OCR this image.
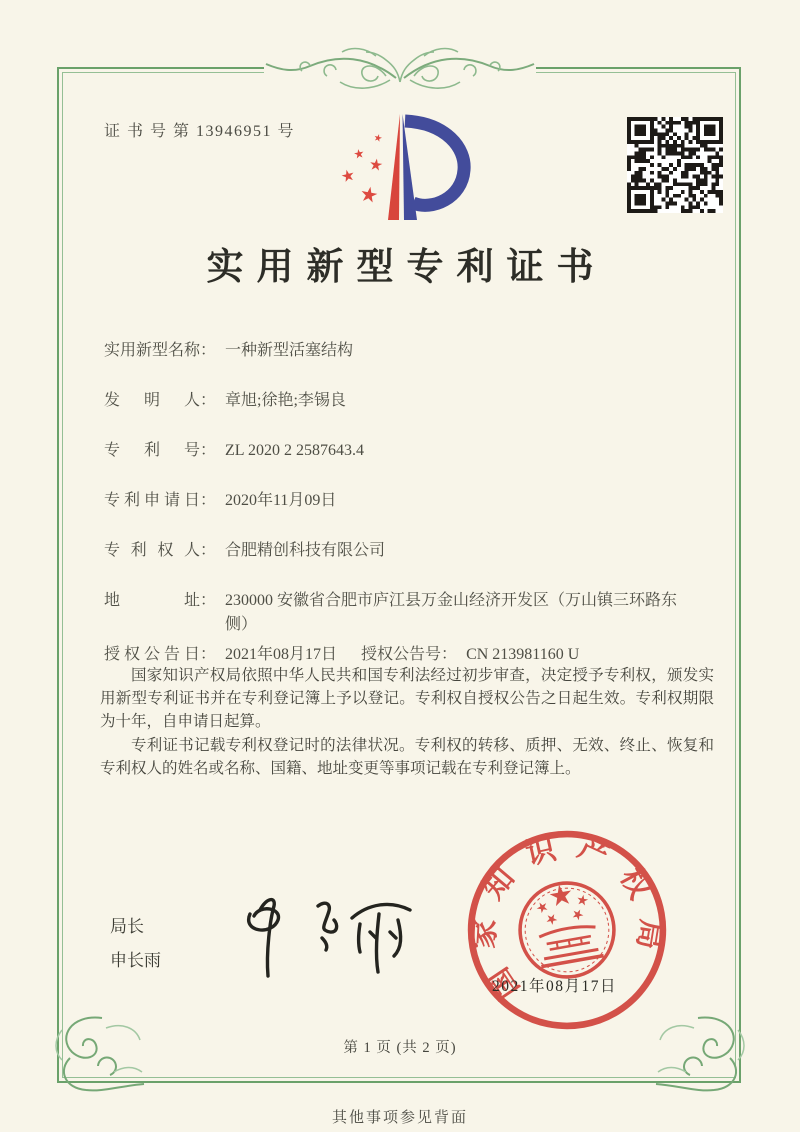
证 书 号 第 13946951 号
实用新型专利证书
实用新型名称 ： 一种新型活塞结构
发明人 ： 章旭;徐艳;李锡良
专利号 ： ZL 2020 2 2587643.4
专利申请日 ： 2020年11月09日
专利权人 ： 合肥精创科技有限公司
地址 ： 230000 安徽省合肥市庐江县万金山经济开发区（万山镇三环路东侧）
授权公告日： 2021年08月17日 授权公告号： CN 213981160 U

国家知识产权局依照中华人民共和国专利法经过初步审查，决定授予专利权，颁发实用新型专利证书并在专利登记簿上予以登记。专利权自授权公告之日起生效。专利权期限为十年，自申请日起算。

专利证书记载专利权登记时的法律状况。专利权的转移、质押、无效、终止、恢复和专利权人的姓名或名称、国籍、地址变更等事项记载在专利登记簿上。

局长
申长雨	国家知识产权局
2021年08月17日
第 1 页 (共 2 页)
其他事项参见背面
